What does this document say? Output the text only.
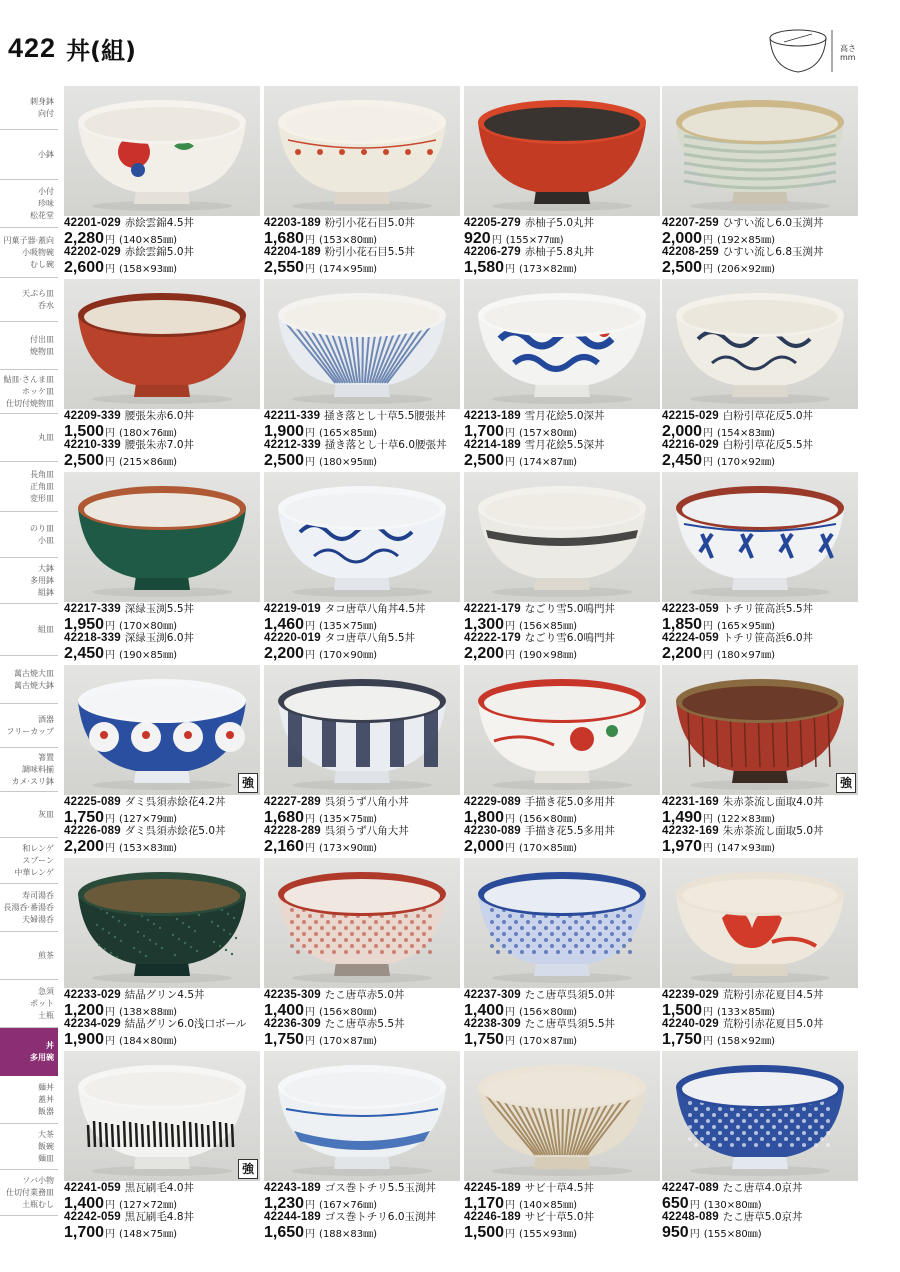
422 丼(組)	高さ
mm
刺身鉢
向付
小鉢
小付
珍味
松花堂
円菓子器·蓋向
小吸物碗
むし碗
天ぷら皿
呑水
付出皿
焼物皿
鮎皿·さんま皿
ホッケ皿
仕切付焼物皿
丸皿
長角皿
正角皿
変形皿
のり皿
小皿
大鉢
多用鉢
組鉢
組皿
萬古焼大皿
萬古焼大鉢
酒器
フリーカップ
箸置
調味料揃
カメ·スリ鉢
灰皿
和レンゲ
スプーン
中華レンゲ
寿司湯呑
長湯呑·番湯呑
夫婦湯呑
煎茶
急須
ポット
土瓶
丼
多用碗
麺丼
蓋丼
飯器
大茶
飯碗
麺皿
ソバ小物
仕切付業務皿
土瓶むし
42201-029 赤絵雲錦4.5丼
2,280円 (140×85㎜)
42202-029 赤絵雲錦5.0丼
2,600円 (158×93㎜)
42203-189 粉引小花石目5.0丼
1,680円 (153×80㎜)
42204-189 粉引小花石目5.5丼
2,550円 (174×95㎜)
42205-279 赤柚子5.0丸丼
920円 (155×77㎜)
42206-279 赤柚子5.8丸丼
1,580円 (173×82㎜)
42207-259 ひすい流し6.0玉渕丼
2,000円 (192×85㎜)
42208-259 ひすい流し6.8玉渕丼
2,500円 (206×92㎜)
42209-339 腰張朱赤6.0丼
1,500円 (180×76㎜)
42210-339 腰張朱赤7.0丼
2,500円 (215×86㎜)
42211-339 掻き落とし十草5.5腰張丼
1,900円 (165×85㎜)
42212-339 掻き落とし十草6.0腰張丼
2,500円 (180×95㎜)
42213-189 雪月花絵5.0深丼
1,700円 (157×80㎜)
42214-189 雪月花絵5.5深丼
2,500円 (174×87㎜)
42215-029 白粉引草花反5.0丼
2,000円 (154×83㎜)
42216-029 白粉引草花反5.5丼
2,450円 (170×92㎜)
42217-339 深緑玉渕5.5丼
1,950円 (170×80㎜)
42218-339 深緑玉渕6.0丼
2,450円 (190×85㎜)
42219-019 タコ唐草八角丼4.5丼
1,460円 (135×75㎜)
42220-019 タコ唐草八角5.5丼
2,200円 (170×90㎜)
42221-179 なごり雪5.0鳴門丼
1,300円 (156×85㎜)
42222-179 なごり雪6.0鳴門丼
2,200円 (190×98㎜)
42223-059 トチリ笹高浜5.5丼
1,850円 (165×95㎜)
42224-059 トチリ笹高浜6.0丼
2,200円 (180×97㎜)
強
42225-089 ダミ呉須赤絵花4.2丼
1,750円 (127×79㎜)
42226-089 ダミ呉須赤絵花5.0丼
2,200円 (153×83㎜)
42227-289 呉須うず八角小丼
1,680円 (135×75㎜)
42228-289 呉須うず八角大丼
2,160円 (173×90㎜)
42229-089 手描き花5.0多用丼
1,800円 (156×80㎜)
42230-089 手描き花5.5多用丼
2,000円 (170×85㎜)
強
42231-169 朱赤茶流し面取4.0丼
1,490円 (122×83㎜)
42232-169 朱赤茶流し面取5.0丼
1,970円 (147×93㎜)
42233-029 結晶グリン4.5丼
1,200円 (138×88㎜)
42234-029 結晶グリン6.0浅口ボール
1,900円 (184×80㎜)
42235-309 たこ唐草赤5.0丼
1,400円 (156×80㎜)
42236-309 たこ唐草赤5.5丼
1,750円 (170×87㎜)
42237-309 たこ唐草呉須5.0丼
1,400円 (156×80㎜)
42238-309 たこ唐草呉須5.5丼
1,750円 (170×87㎜)
42239-029 荒粉引赤花夏目4.5丼
1,500円 (133×85㎜)
42240-029 荒粉引赤花夏目5.0丼
1,750円 (158×92㎜)
強
42241-059 黒瓦刷毛4.0丼
1,400円 (127×72㎜)
42242-059 黒瓦刷毛4.8丼
1,700円 (148×75㎜)
42243-189 ゴス巻トチリ5.5玉渕丼
1,230円 (167×76㎜)
42244-189 ゴス巻トチリ6.0玉渕丼
1,650円 (188×83㎜)
42245-189 サビ十草4.5丼
1,170円 (140×85㎜)
42246-189 サビ十草5.0丼
1,500円 (155×93㎜)
42247-089 たこ唐草4.0京丼
650円 (130×80㎜)
42248-089 たこ唐草5.0京丼
950円 (155×80㎜)
